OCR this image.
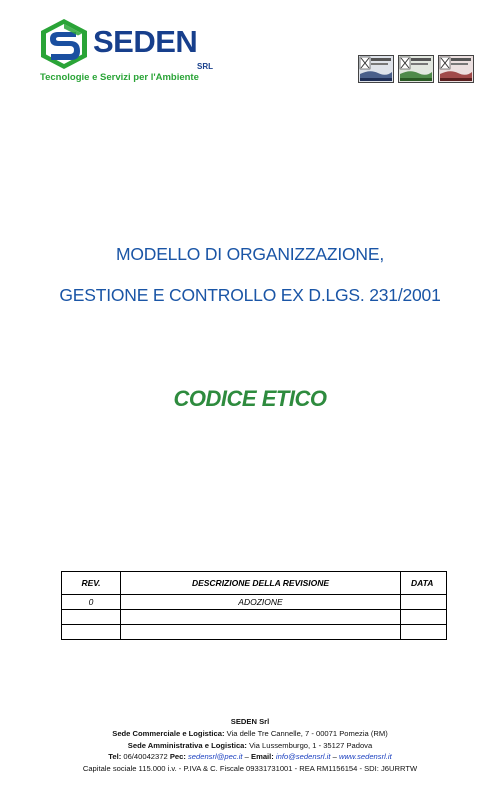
SEDEN
SRL
Tecnologie e Servizi per l'Ambiente
MODELLO DI ORGANIZZAZIONE,
GESTIONE E CONTROLLO EX D.LGS. 231/2001
CODICE ETICO
REV.	DESCRIZIONE DELLA REVISIONE	DATA
0	ADOZIONE	

SEDEN Srl
Sede Commerciale e Logistica: Via delle Tre Cannelle, 7 - 00071 Pomezia (RM)
Sede Amministrativa e Logistica: Via Lussemburgo, 1 - 35127 Padova
Tel: 06/40042372 Pec: sedensrl@pec.it – Email: info@sedensrl.it – www.sedensrl.it
Capitale sociale 115.000 i.v. - P.IVA & C. Fiscale 09331731001 - REA RM1156154 - SDI: J6URRTW
